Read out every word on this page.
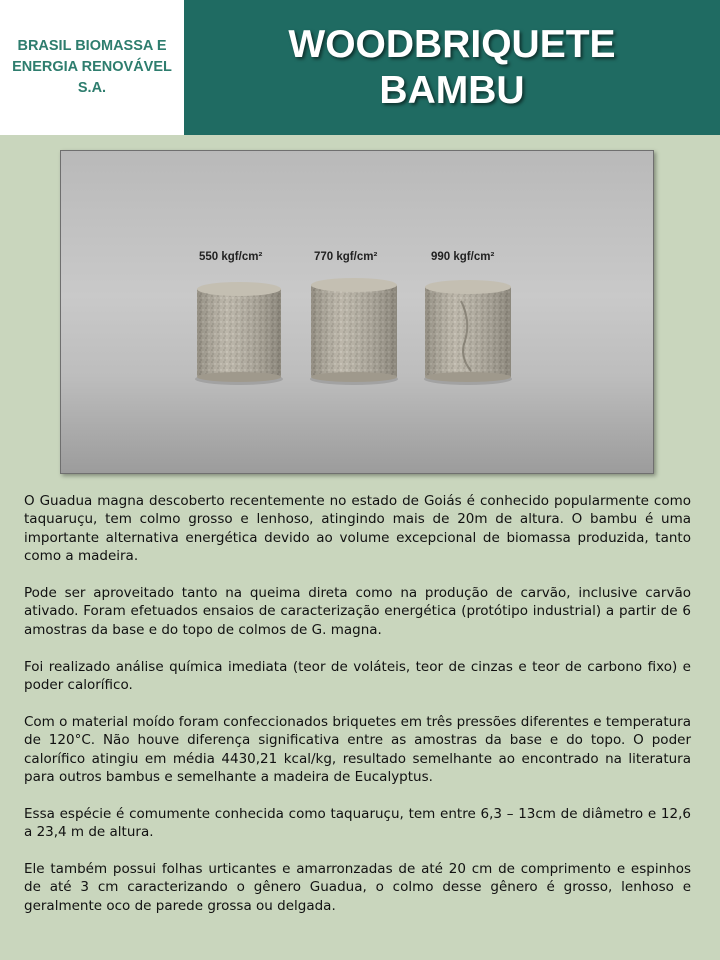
BRASIL BIOMASSA E ENERGIA RENOVÁVEL S.A.
WOODBRIQUETE
BAMBU
550 kgf/cm²	770 kgf/cm²	990 kgf/cm²

O Guadua magna descoberto recentemente no estado de Goiás é conhecido popularmente como taquaruçu, tem colmo grosso e lenhoso, atingindo mais de 20m de altura. O bambu é uma importante alternativa energética devido ao volume excepcional de biomassa produzida, tanto como a madeira.

Pode ser aproveitado tanto na queima direta como na produção de carvão, inclusive carvão ativado. Foram efetuados ensaios de caracterização energética (protótipo industrial) a partir de 6 amostras da base e do topo de colmos de G. magna.

Foi realizado análise química imediata (teor de voláteis, teor de cinzas e teor de carbono fixo) e poder calorífico.

Com o material moído foram confeccionados briquetes em três pressões diferentes e temperatura de 120°C. Não houve diferença significativa entre as amostras da base e do topo. O poder calorífico atingiu em média 4430,21 kcal/kg, resultado semelhante ao encontrado na literatura para outros bambus e semelhante a madeira de Eucalyptus.

Essa espécie é comumente conhecida como taquaruçu, tem entre 6,3 – 13cm de diâmetro e 12,6 a 23,4 m de altura.

Ele também possui folhas urticantes e amarronzadas de até 20 cm de comprimento e espinhos de até 3 cm caracterizando o gênero Guadua, o colmo desse gênero é grosso, lenhoso e geralmente oco de parede grossa ou delgada.
